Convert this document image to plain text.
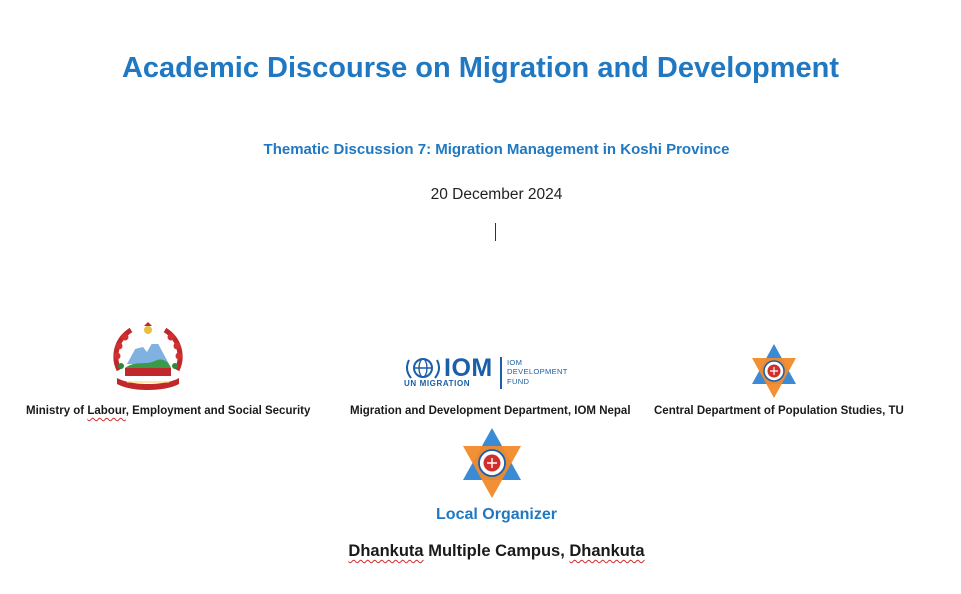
Academic Discourse on Migration and Development
Thematic Discussion 7: Migration Management in Koshi Province
20 December 2024
Ministry of Labour, Employment and Social Security
IOM
UN MIGRATION
IOM
DEVELOPMENT
FUND
Migration and Development Department, IOM Nepal Central Department of Population Studies, TU
Local Organizer
Dhankuta Multiple Campus, Dhankuta
